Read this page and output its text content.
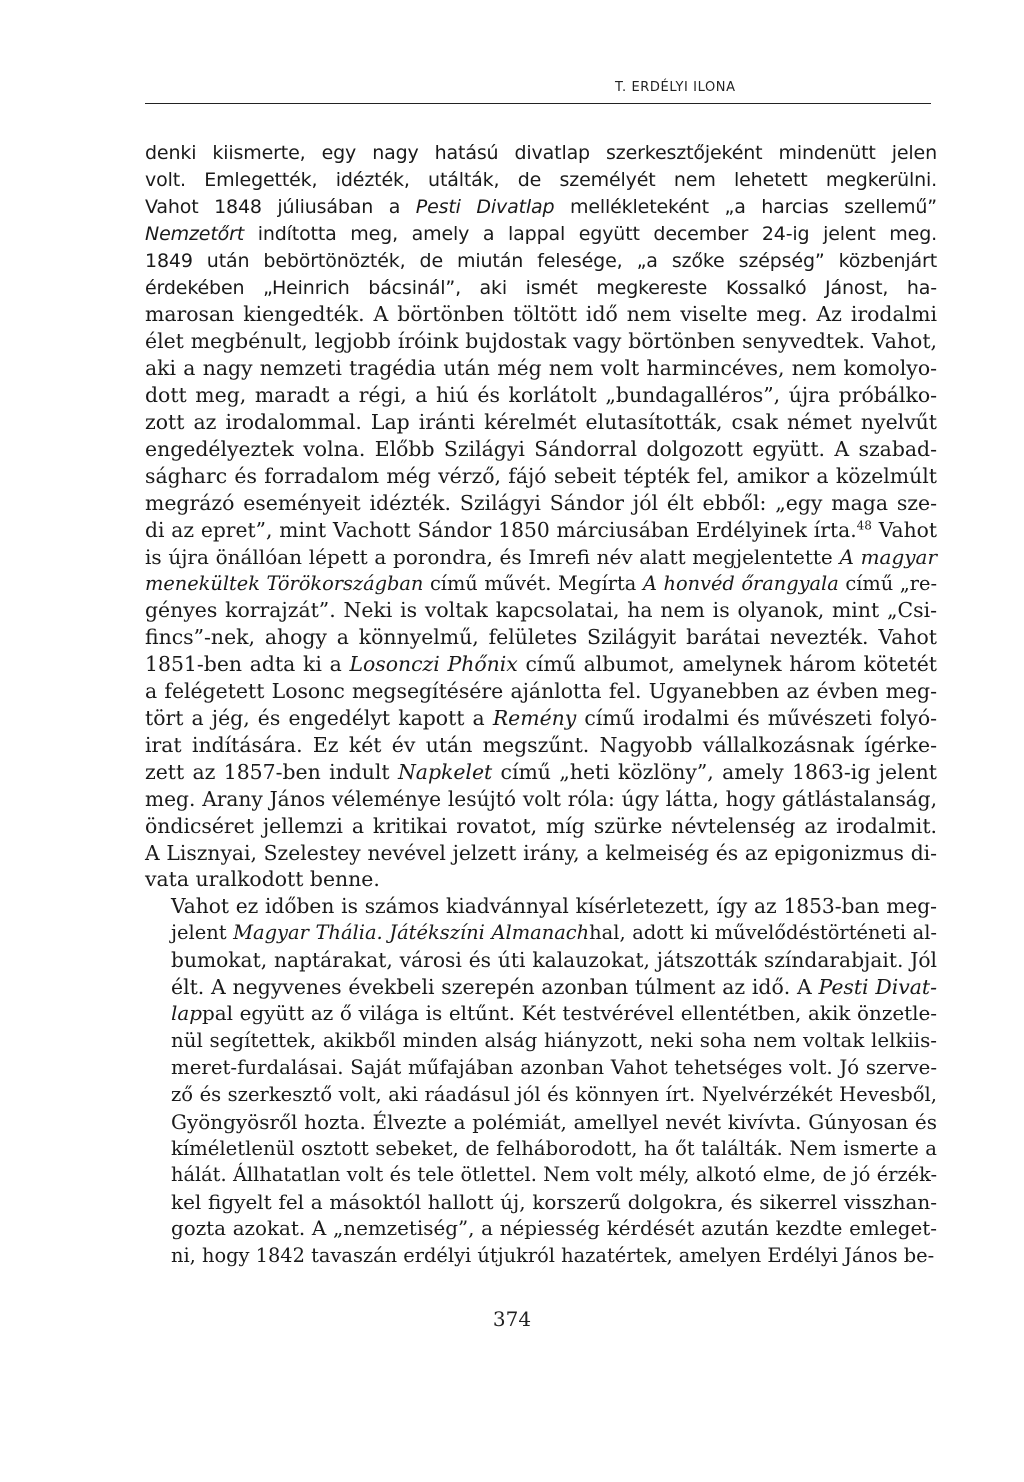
T. ERDÉLYI ILONA
denki kiismerte, egy nagy hatású divatlap szerkesztőjeként mindenütt jelen
volt. Emlegették, idézték, utálták, de személyét nem lehetett megkerülni.
Vahot 1848 júliusában a Pesti Divatlap mellékleteként „a harcias szellemű”
Nemzetőrt indította meg, amely a lappal együtt december 24-ig jelent meg.
1849 után bebörtönözték, de miután felesége, „a szőke szépség” közbenjárt
érdekében „Heinrich bácsinál”, aki ismét megkereste Kossalkó Jánost, ha-
marosan kiengedték. A börtönben töltött idő nem viselte meg. Az irodalmi
élet megbénult, legjobb íróink bujdostak vagy börtönben senyvedtek. Vahot,
aki a nagy nemzeti tragédia után még nem volt harmincéves, nem komolyo-
dott meg, maradt a régi, a hiú és korlátolt „bundagalléros”, újra próbálko-
zott az irodalommal. Lap iránti kérelmét elutasították, csak német nyelvűt
engedélyeztek volna. Előbb Szilágyi Sándorral dolgozott együtt. A szabad-
ságharc és forradalom még vérző, fájó sebeit tépték fel, amikor a közelmúlt
megrázó eseményeit idézték. Szilágyi Sándor jól élt ebből: „egy maga sze-
di az epret”, mint Vachott Sándor 1850 márciusában Erdélyinek írta.$^{48}$ Vahot
is újra önállóan lépett a porondra, és Imrefi név alatt megjelentette A magyar
menekültek Törökországban című művét. Megírta A honvéd őrangyala című „re-
gényes korrajzát”. Neki is voltak kapcsolatai, ha nem is olyanok, mint „Csi-
fincs”-nek, ahogy a könnyelmű, felületes Szilágyit barátai nevezték. Vahot
1851-ben adta ki a Losonczi Phőnix című albumot, amelynek három kötetét
a felégetett Losonc megsegítésére ajánlotta fel. Ugyanebben az évben meg-
tört a jég, és engedélyt kapott a Remény című irodalmi és művészeti folyó-
irat indítására. Ez két év után megszűnt. Nagyobb vállalkozásnak ígérke-
zett az 1857-ben indult Napkelet című „heti közlöny”, amely 1863-ig jelent
meg. Arany János véleménye lesújtó volt róla: úgy látta, hogy gátlástalanság,
öndicséret jellemzi a kritikai rovatot, míg szürke névtelenség az irodalmit.
A Lisznyai, Szelestey nevével jelzett irány, a kelmeiség és az epigonizmus di-
vata uralkodott benne.
Vahot ez időben is számos kiadvánnyal kísérletezett, így az 1853-ban meg-
jelent Magyar Thália. Játékszíni Almanachhal, adott ki művelődéstörténeti al-
bumokat, naptárakat, városi és úti kalauzokat, játszották színdarabjait. Jól
élt. A negyvenes évekbeli szerepén azonban túlment az idő. A Pesti Divat-
lappal együtt az ő világa is eltűnt. Két testvérével ellentétben, akik önzetle-
nül segítettek, akikből minden alság hiányzott, neki soha nem voltak lelkiis-
meret-furdalásai. Saját műfajában azonban Vahot tehetséges volt. Jó szerve-
ző és szerkesztő volt, aki ráadásul jól és könnyen írt. Nyelvérzékét Hevesből,
Gyöngyösről hozta. Élvezte a polémiát, amellyel nevét kivívta. Gúnyosan és
kíméletlenül osztott sebeket, de felháborodott, ha őt találták. Nem ismerte a
hálát. Állhatatlan volt és tele ötlettel. Nem volt mély, alkotó elme, de jó érzék-
kel figyelt fel a másoktól hallott új, korszerű dolgokra, és sikerrel visszhan-
gozta azokat. A „nemzetiség”, a népiesség kérdését azután kezdte emleget-
ni, hogy 1842 tavaszán erdélyi útjukról hazatértek, amelyen Erdélyi János be-
374
